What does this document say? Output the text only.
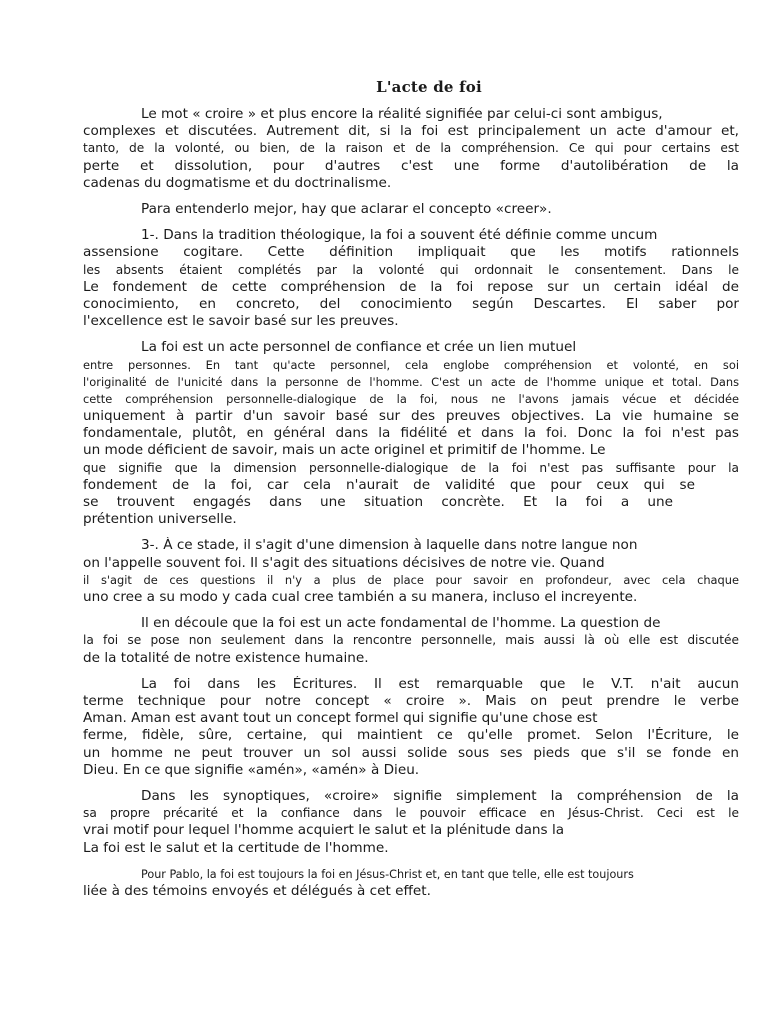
L'acte de foi
Le mot « croire » et plus encore la réalité signifiée par celui-ci sont ambigus,
complexes et discutées. Autrement dit, si la foi est principalement un acte d'amour et,
tanto, de la volonté, ou bien, de la raison et de la compréhension. Ce qui pour certains est
perte et dissolution, pour d'autres c'est une forme d'autolibération de la
cadenas du dogmatisme et du doctrinalisme.
Para entenderlo mejor, hay que aclarar el concepto «creer».
1-. Dans la tradition théologique, la foi a souvent été définie comme uncum
assensione cogitare. Cette définition impliquait que les motifs rationnels
les absents étaient complétés par la volonté qui ordonnait le consentement. Dans le
Le fondement de cette compréhension de la foi repose sur un certain idéal de
conocimiento, en concreto, del conocimiento según Descartes. El saber por
l'excellence est le savoir basé sur les preuves.
La foi est un acte personnel de confiance et crée un lien mutuel
entre personnes. En tant qu'acte personnel, cela englobe compréhension et volonté, en soi
l'originalité de l'unicité dans la personne de l'homme. C'est un acte de l'homme unique et total. Dans
cette compréhension personnelle-dialogique de la foi, nous ne l'avons jamais vécue et décidée
uniquement à partir d'un savoir basé sur des preuves objectives. La vie humaine se
fondamentale, plutôt, en général dans la fidélité et dans la foi. Donc la foi n'est pas
un mode déficient de savoir, mais un acte originel et primitif de l'homme. Le
que signifie que la dimension personnelle-dialogique de la foi n'est pas suffisante pour la
fondement de la foi, car cela n'aurait de validité que pour ceux qui se
se trouvent engagés dans une situation concrète. Et la foi a une
prétention universelle.
3-. À ce stade, il s'agit d'une dimension à laquelle dans notre langue non
on l'appelle souvent foi. Il s'agit des situations décisives de notre vie. Quand
il s'agit de ces questions il n'y a plus de place pour savoir en profondeur, avec cela chaque
uno cree a su modo y cada cual cree también a su manera, incluso el increyente.
Il en découle que la foi est un acte fondamental de l'homme. La question de
la foi se pose non seulement dans la rencontre personnelle, mais aussi là où elle est discutée
de la totalité de notre existence humaine.
La foi dans les Écritures. Il est remarquable que le V.T. n'ait aucun
terme technique pour notre concept « croire ». Mais on peut prendre le verbe
Aman. Aman est avant tout un concept formel qui signifie qu'une chose est
ferme, fidèle, sûre, certaine, qui maintient ce qu'elle promet. Selon l'Écriture, le
un homme ne peut trouver un sol aussi solide sous ses pieds que s'il se fonde en
Dieu. En ce que signifie «amén», «amén» à Dieu.
Dans les synoptiques, «croire» signifie simplement la compréhension de la
sa propre précarité et la confiance dans le pouvoir efficace en Jésus-Christ. Ceci est le
vrai motif pour lequel l'homme acquiert le salut et la plénitude dans la
La foi est le salut et la certitude de l'homme.
Pour Pablo, la foi est toujours la foi en Jésus-Christ et, en tant que telle, elle est toujours
liée à des témoins envoyés et délégués à cet effet.
